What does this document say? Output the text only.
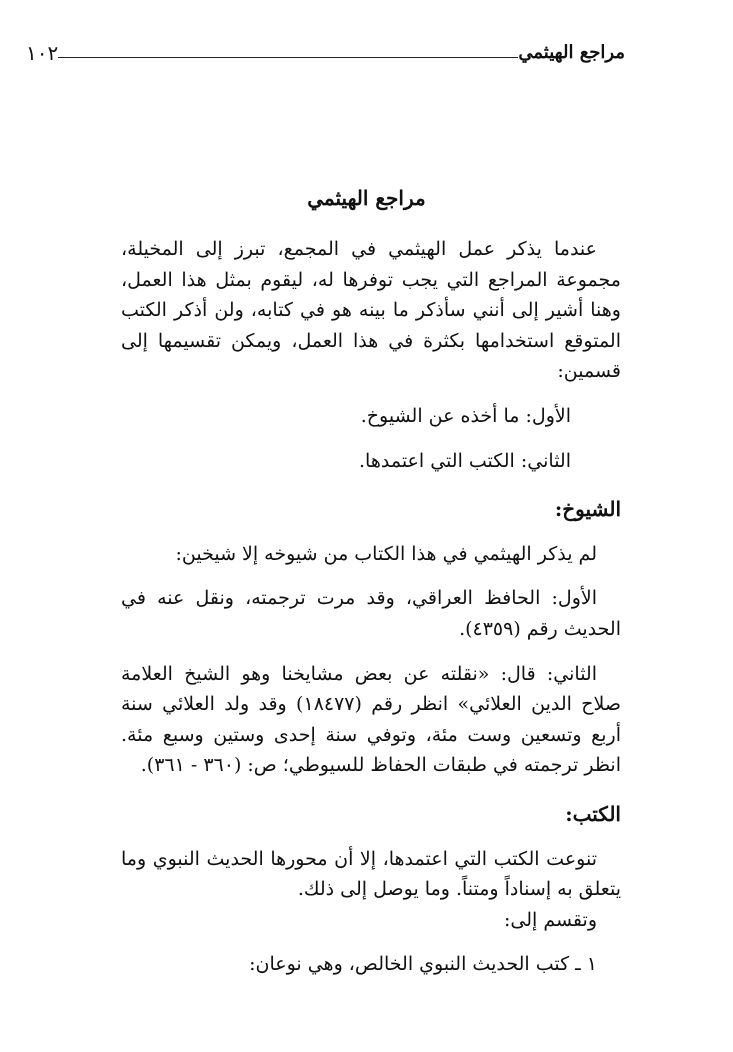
مراجع الهيثمي
١٠٢
مراجع الهيثمي

عندما يذكر عمل الهيثمي في المجمع، تبرز إلى المخيلة، مجموعة المراجع التي يجب توفرها له، ليقوم بمثل هذا العمل، وهنا أشير إلى أنني سأذكر ما بينه هو في كتابه، ولن أذكر الكتب المتوقع استخدامها بكثرة في هذا العمل، ويمكن تقسيمها إلى قسمين:

الأول: ما أخذه عن الشيوخ.

الثاني: الكتب التي اعتمدها.

الشيوخ:

لم يذكر الهيثمي في هذا الكتاب من شيوخه إلا شيخين:

الأول: الحافظ العراقي، وقد مرت ترجمته، ونقل عنه في الحديث رقم (٤٣٥٩).

الثاني: قال: «نقلته عن بعض مشايخنا وهو الشيخ العلامة صلاح الدين العلائي» انظر رقم (١٨٤٧٧) وقد ولد العلائي سنة أربع وتسعين وست مئة، وتوفي سنة إحدى وستين وسبع مئة. انظر ترجمته في طبقات الحفاظ للسيوطي؛ ص: (٣٦٠ - ٣٦١).

الكتب:

تنوعت الكتب التي اعتمدها، إلا أن محورها الحديث النبوي وما يتعلق به إسناداً ومتناً. وما يوصل إلى ذلك.

وتقسم إلى:

١ ـ كتب الحديث النبوي الخالص، وهي نوعان:
